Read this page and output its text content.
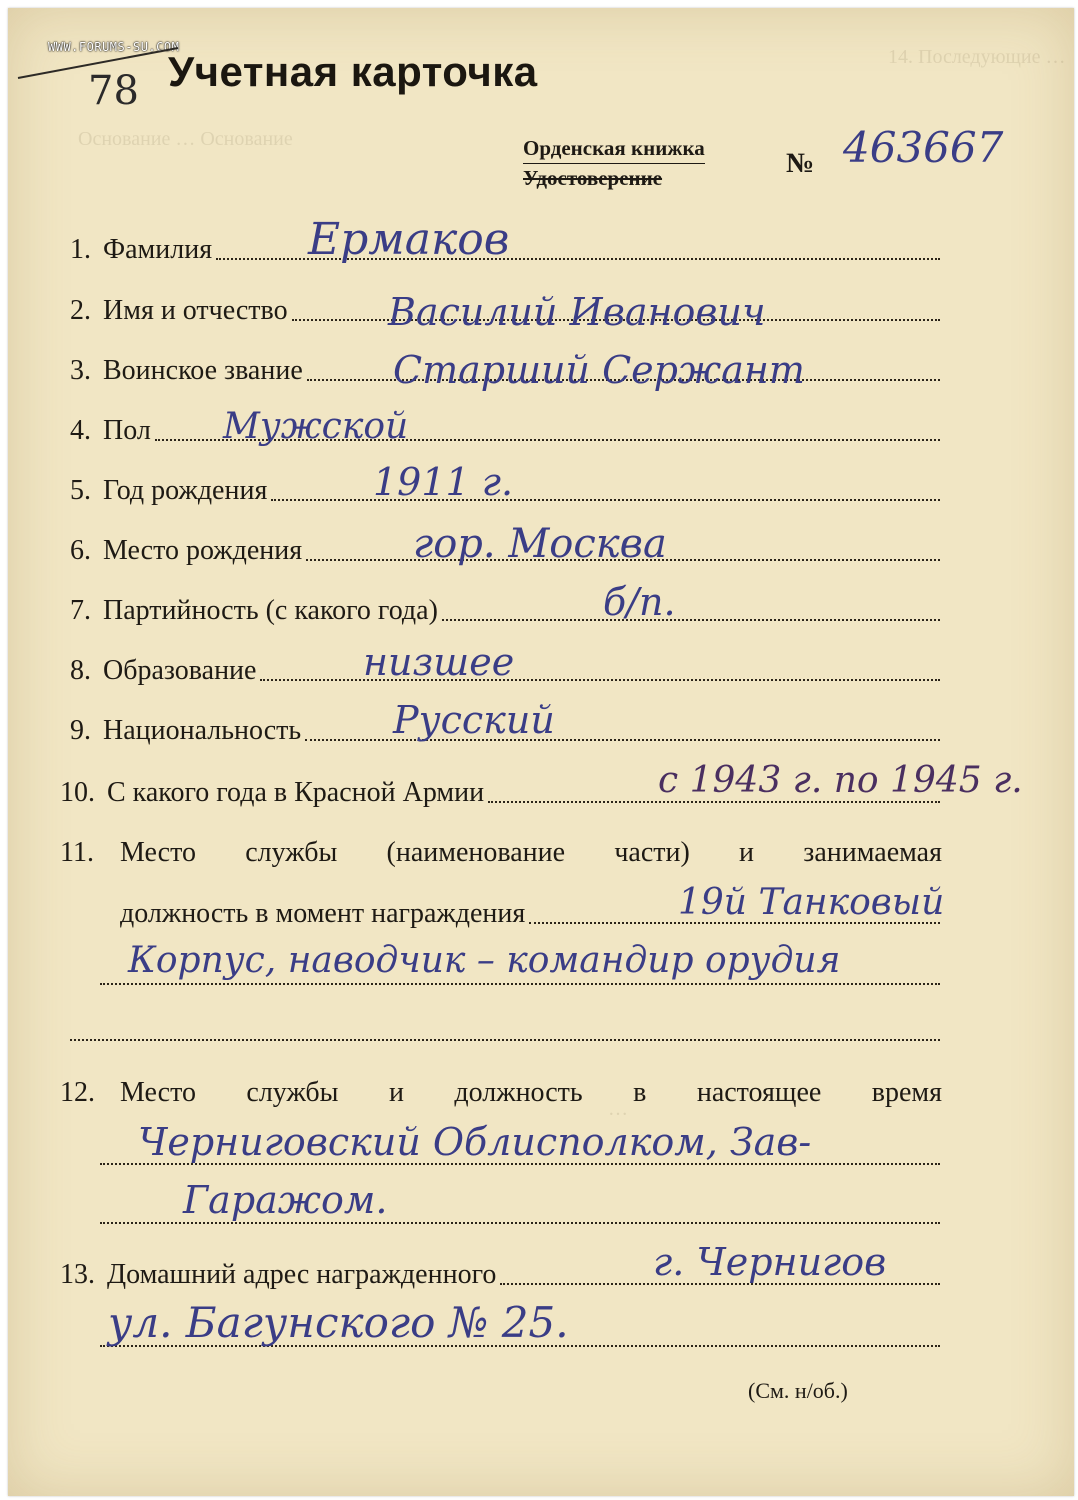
14. Последующие …
Основание … Основание
…
WWW.FORUMS-SU.COM
78 Учетная карточка
Орденская книжка
Удостоверение	№ 463667
1. Фамилия Ермаков
2. Имя и отчество	Василий Иванович
3. Воинское звание Старший Сержант
4. Пол Мужской
5. Год рождения	1911 г.
6. Место рождения	гор. Москва
7. Партийность (с какого года)	б/п.
8. Образование	низшее
9. Национальность Русский
10. С какого года в Красной Армии	с 1943 г. по 1945 г.
11. Место службы (наименование части) и занимаемая
должность в момент награждения	19й Танковый
Корпус, наводчик – командир орудия
12. Место службы и должность в настоящее время
Черниговский Облисполком, Зав-
Гаражом.
13. Домашний адрес награжденного	г. Чернигов
ул. Багунского № 25.
(См. н/об.)
